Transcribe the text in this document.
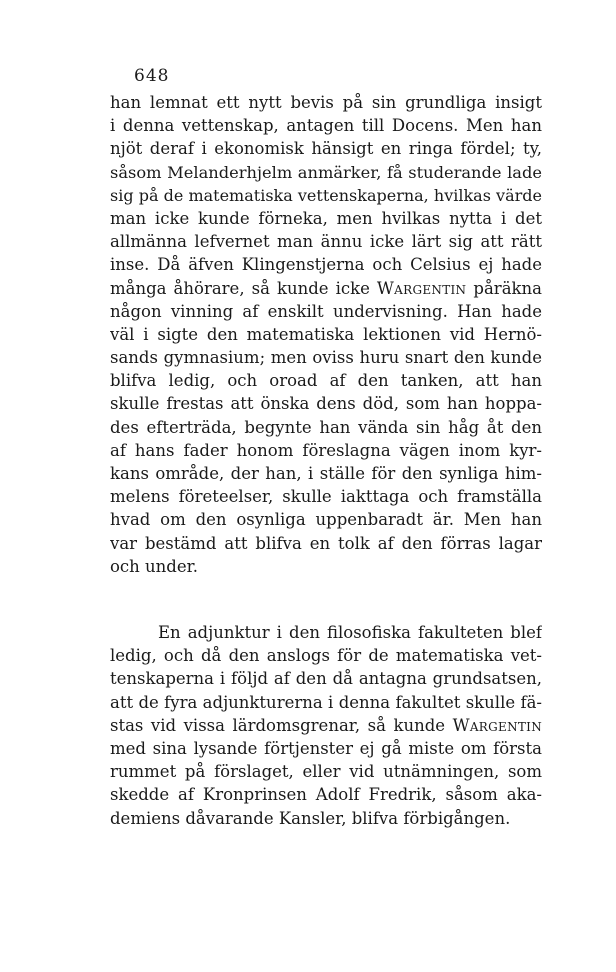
648
han lemnat ett nytt bevis på sin grundliga insigt
i denna vettenskap, antagen till Docens. Men han
njöt deraf i ekonomisk hänsigt en ringa fördel; ty,
såsom Melanderhjelm anmärker, få studerande lade
sig på de matematiska vettenskaperna, hvilkas värde
man icke kunde förneka, men hvilkas nytta i det
allmänna lefvernet man ännu icke lärt sig att rätt
inse. Då äfven Klingenstjerna och Celsius ej hade
många åhörare, så kunde icke Wargentin påräkna
någon vinning af enskilt undervisning. Han hade
väl i sigte den matematiska lektionen vid Hernö-
sands gymnasium; men oviss huru snart den kunde
blifva ledig, och oroad af den tanken, att han
skulle frestas att önska dens död, som han hoppa-
des efterträda, begynte han vända sin håg åt den
af hans fader honom föreslagna vägen inom kyr-
kans område, der han, i ställe för den synliga him-
melens företeelser, skulle iakttaga och framställa
hvad om den osynliga uppenbaradt är. Men han
var bestämd att blifva en tolk af den förras lagar
och under.
En adjunktur i den filosofiska fakulteten blef
ledig, och då den anslogs för de matematiska vet-
tenskaperna i följd af den då antagna grundsatsen,
att de fyra adjunkturerna i denna fakultet skulle fä-
stas vid vissa lärdomsgrenar, så kunde Wargentin
med sina lysande förtjenster ej gå miste om första
rummet på förslaget, eller vid utnämningen, som
skedde af Kronprinsen Adolf Fredrik, såsom aka-
demiens dåvarande Kansler, blifva förbigången.
